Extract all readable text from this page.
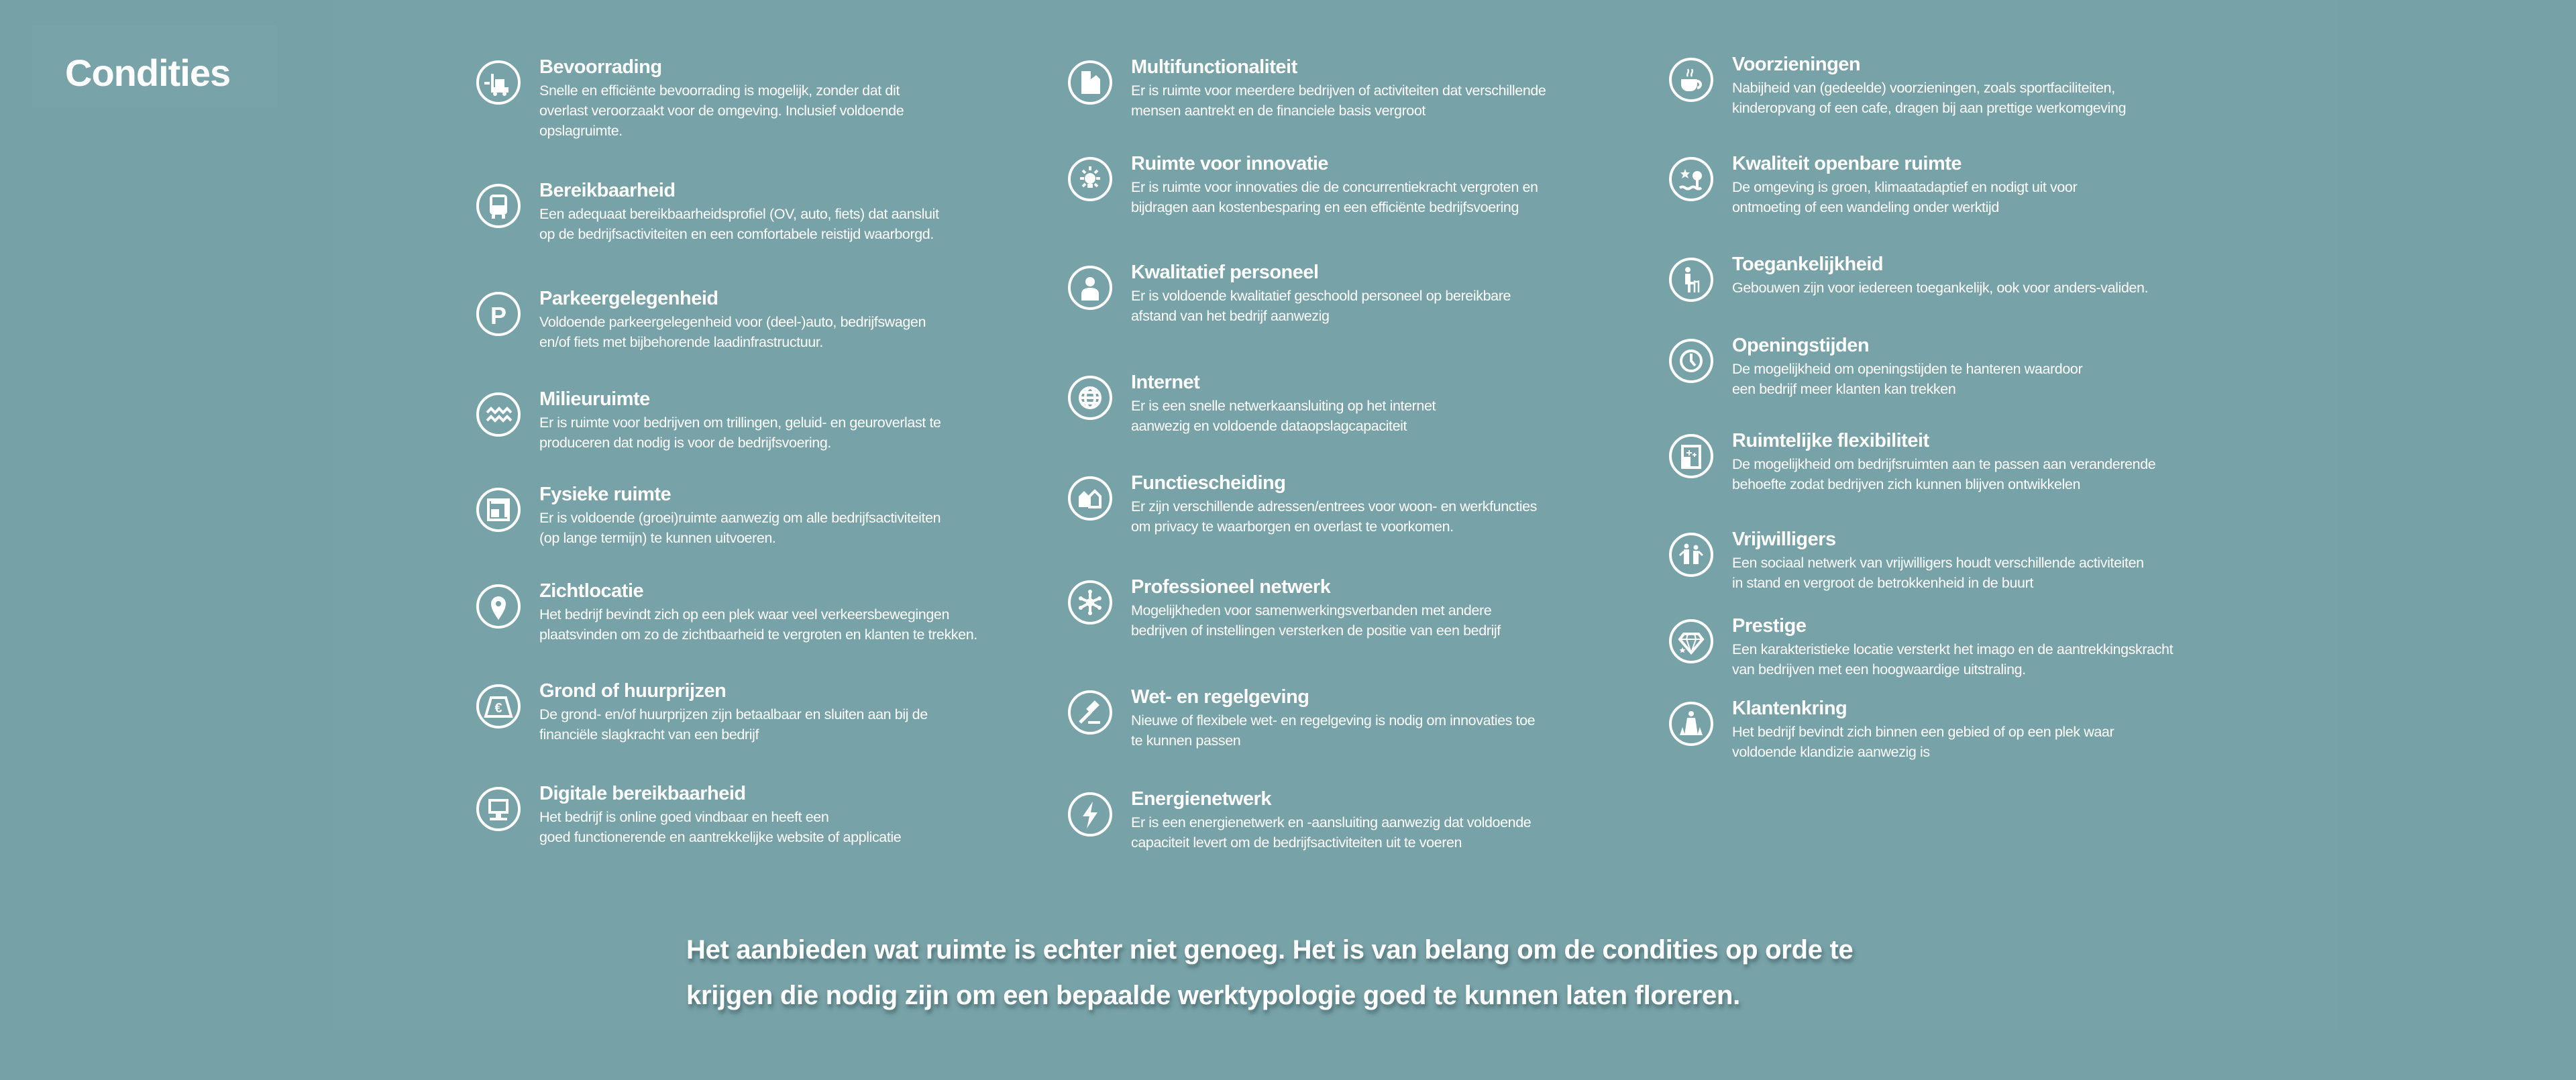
Condities	Bevoorrading
Snelle en efficiënte bevoorrading is mogelijk, zonder dat dit
overlast veroorzaakt voor de omgeving. Inclusief voldoende
opslagruimte.
Bereikbaarheid
Een adequaat bereikbaarheidsprofiel (OV, auto, fiets) dat aansluit
op de bedrijfsactiviteiten en een comfortabele reistijd waarborgd.
P
Parkeergelegenheid
Voldoende parkeergelegenheid voor (deel-)auto, bedrijfswagen
en/of fiets met bijbehorende laadinfrastructuur.
Milieuruimte
Er is ruimte voor bedrijven om trillingen, geluid- en geuroverlast te
produceren dat nodig is voor de bedrijfsvoering.
Fysieke ruimte
Er is voldoende (groei)ruimte aanwezig om alle bedrijfsactiviteiten
(op lange termijn) te kunnen uitvoeren.
Zichtlocatie
Het bedrijf bevindt zich op een plek waar veel verkeersbewegingen
plaatsvinden om zo de zichtbaarheid te vergroten en klanten te trekken.
€
Grond of huurprijzen
De grond- en/of huurprijzen zijn betaalbaar en sluiten aan bij de
financiële slagkracht van een bedrijf
Digitale bereikbaarheid
Het bedrijf is online goed vindbaar en heeft een
goed functionerende en aantrekkelijke website of applicatie
Multifunctionaliteit
Er is ruimte voor meerdere bedrijven of activiteiten dat verschillende
mensen aantrekt en de financiele basis vergroot
Ruimte voor innovatie
Er is ruimte voor innovaties die de concurrentiekracht vergroten en
bijdragen aan kostenbesparing en een efficiënte bedrijfsvoering
Kwalitatief personeel
Er is voldoende kwalitatief geschoold personeel op bereikbare
afstand van het bedrijf aanwezig
Internet
Er is een snelle netwerkaansluiting op het internet
aanwezig en voldoende dataopslagcapaciteit
Functiescheiding
Er zijn verschillende adressen/entrees voor woon- en werkfuncties
om privacy te waarborgen en overlast te voorkomen.
Professioneel netwerk
Mogelijkheden voor samenwerkingsverbanden met andere
bedrijven of instellingen versterken de positie van een bedrijf
Wet- en regelgeving
Nieuwe of flexibele wet- en regelgeving is nodig om innovaties toe
te kunnen passen
Energienetwerk
Er is een energienetwerk en -aansluiting aanwezig dat voldoende
capaciteit levert om de bedrijfsactiviteiten uit te voeren
Voorzieningen
Nabijheid van (gedeelde) voorzieningen, zoals sportfaciliteiten,
kinderopvang of een cafe, dragen bij aan prettige werkomgeving
Kwaliteit openbare ruimte
De omgeving is groen, klimaatadaptief en nodigt uit voor
ontmoeting of een wandeling onder werktijd
Toegankelijkheid
Gebouwen zijn voor iedereen toegankelijk, ook voor anders-validen.
Openingstijden
De mogelijkheid om openingstijden te hanteren waardoor
een bedrijf meer klanten kan trekken
Ruimtelijke flexibiliteit
De mogelijkheid om bedrijfsruimten aan te passen aan veranderende
behoefte zodat bedrijven zich kunnen blijven ontwikkelen
Vrijwilligers
Een sociaal netwerk van vrijwilligers houdt verschillende activiteiten
in stand en vergroot de betrokkenheid in de buurt
Prestige
Een karakteristieke locatie versterkt het imago en de aantrekkingskracht
van bedrijven met een hoogwaardige uitstraling.
Klantenkring
Het bedrijf bevindt zich binnen een gebied of op een plek waar
voldoende klandizie aanwezig is
Het aanbieden wat ruimte is echter niet genoeg. Het is van belang om de condities op orde te
krijgen die nodig zijn om een bepaalde werktypologie goed te kunnen laten floreren.
